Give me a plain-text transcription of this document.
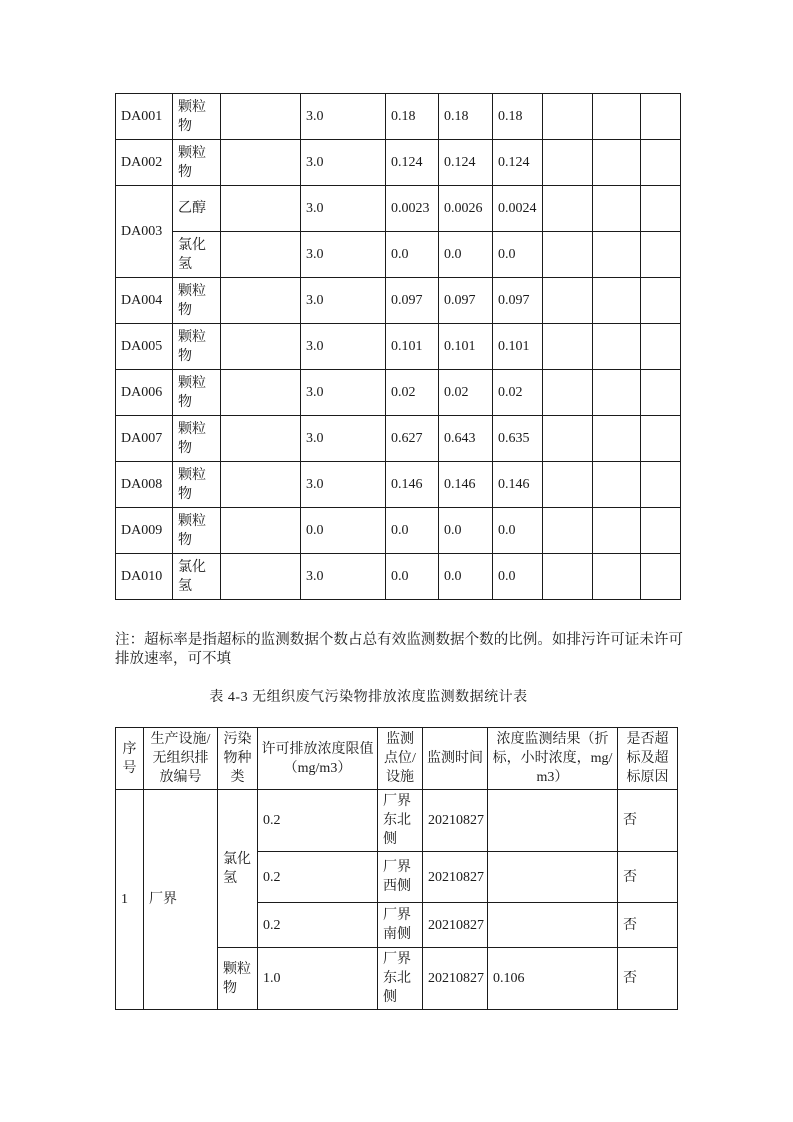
DA001	颗粒物		3.0	0.18	0.18	0.18			
DA002	颗粒物		3.0	0.124	0.124	0.124			
DA003	乙醇		3.0	0.0023	0.0026	0.0024			
	氯化氢		3.0	0.0	0.0	0.0			
DA004	颗粒物		3.0	0.097	0.097	0.097			
DA005	颗粒物		3.0	0.101	0.101	0.101			
DA006	颗粒物		3.0	0.02	0.02	0.02			
DA007	颗粒物		3.0	0.627	0.643	0.635			
DA008	颗粒物		3.0	0.146	0.146	0.146			
DA009	颗粒物		0.0	0.0	0.0	0.0			
DA010	氯化氢		3.0	0.0	0.0	0.0			
注：超标率是指超标的监测数据个数占总有效监测数据个数的比例。如排污许可证未许可排放速率，可不填
表 4-3 无组织废气污染物排放浓度监测数据统计表
序号	生产设施/无组织排放编号	污染物种类	许可排放浓度限值（mg/m3）	监测点位/设施	监测时间	浓度监测结果（折标，小时浓度，mg/m3）	是否超标及超标原因
1	厂界	氯化氢	0.2	厂界东北侧	20210827		否
			0.2	厂界西侧	20210827		否
			0.2	厂界南侧	20210827		否
		颗粒物	1.0	厂界东北侧	20210827	0.106	否
